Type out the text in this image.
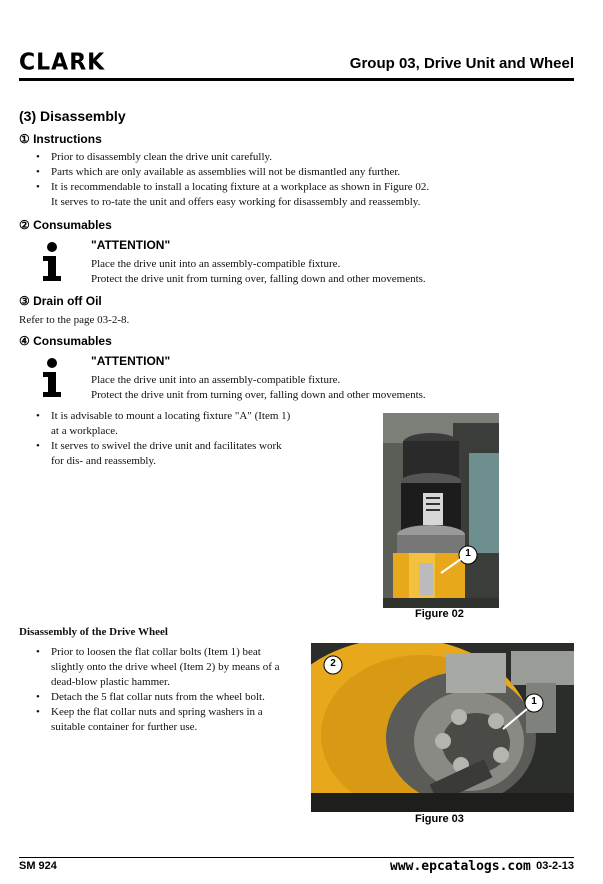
CLARK	Group 03, Drive Unit and Wheel
(3) Disassembly
① Instructions
• Prior to disassembly clean the drive unit carefully.
• Parts which are only available as assemblies will not be dismantled any further.
• It is recommendable to install a locating fixture at a workplace as shown in Figure 02.
It serves to ro-tate the unit and offers easy working for disassembly and reassembly.
② Consumables
"ATTENTION"
Place the drive unit into an assembly-compatible fixture.
Protect the drive unit from turning over, falling down and other movements.
③ Drain off Oil
Refer to the page 03-2-8.
④ Consumables
"ATTENTION"
Place the drive unit into an assembly-compatible fixture.
Protect the drive unit from turning over, falling down and other movements.
• It is advisable to mount a locating fixture "A" (Item 1) at a workplace.
• It serves to swivel the drive unit and facilitates work for dis- and reassembly.
1
Figure 02
Disassembly of the Drive Wheel
• Prior to loosen the flat collar bolts (Item 1) beat slightly onto the drive wheel (Item 2) by means of a dead-blow plastic hammer.
• Detach the 5 flat collar nuts from the wheel bolt.
• Keep the flat collar nuts and spring washers in a suitable container for further use.
2
1
Figure 03
SM 924	www.epcatalogs.com 03-2-13
